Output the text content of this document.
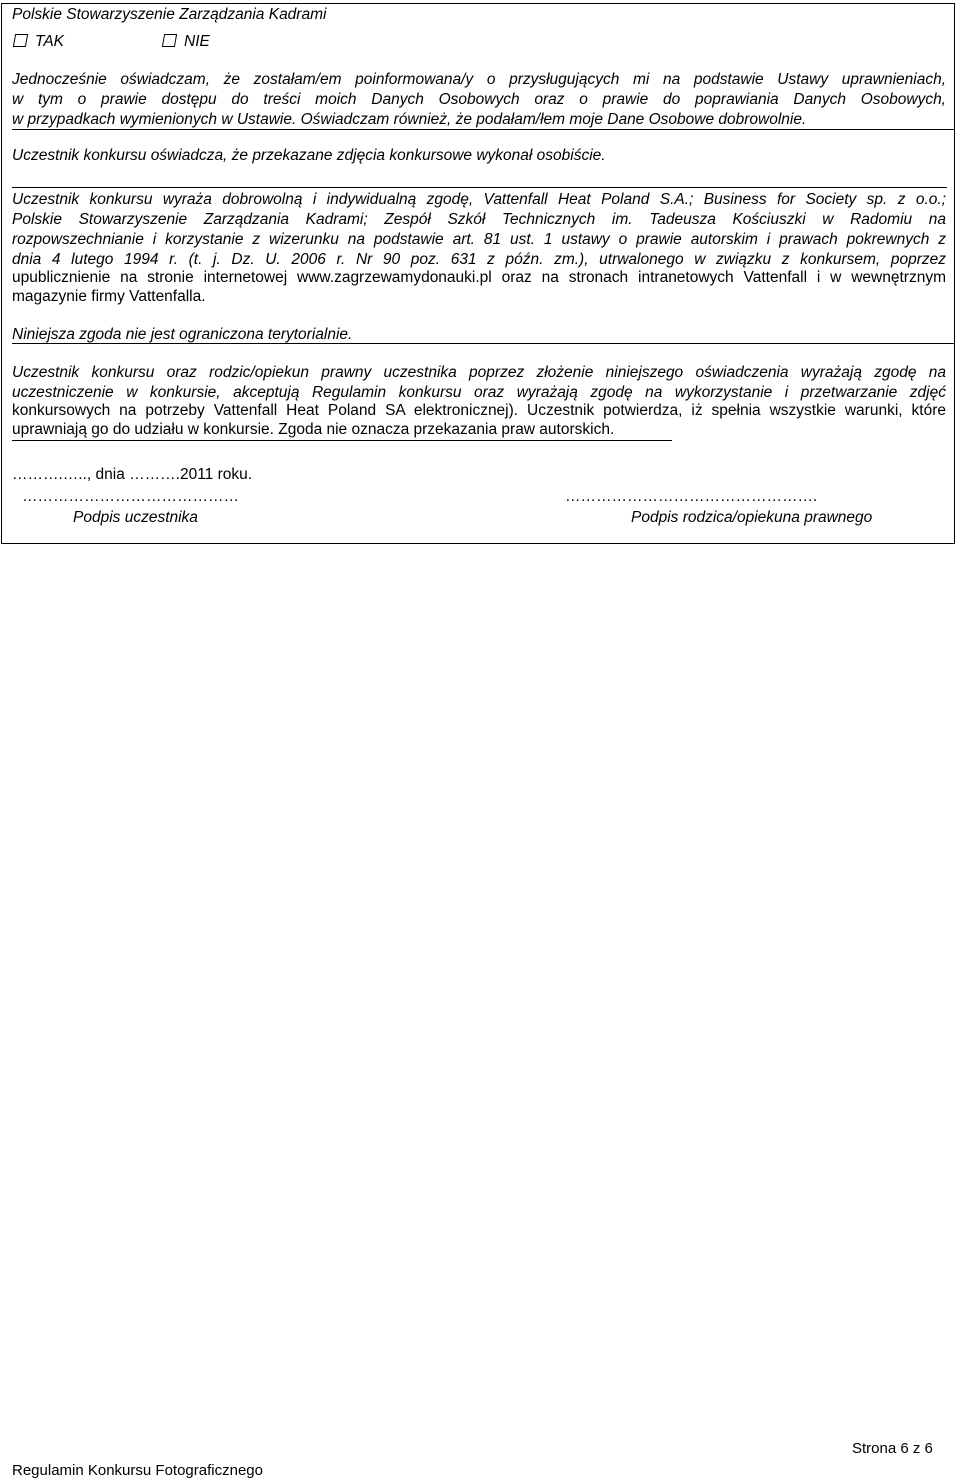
Polskie Stowarzyszenie Zarządzania Kadrami
TAK	NIE
Jednocześnie oświadczam, że zostałam/em poinformowana/y o przysługujących mi na podstawie Ustawy uprawnieniach,
w tym o prawie dostępu do treści moich Danych Osobowych oraz o prawie do poprawiania Danych Osobowych,
w przypadkach wymienionych w Ustawie. Oświadczam również, że podałam/łem moje Dane Osobowe dobrowolnie.
Uczestnik konkursu oświadcza, że przekazane zdjęcia konkursowe wykonał osobiście.
Uczestnik konkursu wyraża dobrowolną i indywidualną zgodę, Vattenfall Heat Poland S.A.; Business for Society sp. z o.o.;
Polskie Stowarzyszenie Zarządzania Kadrami; Zespół Szkół Technicznych im. Tadeusza Kościuszki w Radomiu na
rozpowszechnianie i korzystanie z wizerunku na podstawie art. 81 ust. 1 ustawy o prawie autorskim i prawach pokrewnych z
dnia 4 lutego 1994 r. (t. j. Dz. U. 2006 r. Nr 90 poz. 631 z późn. zm.), utrwalonego w związku z konkursem, poprzez
upublicznienie na stronie internetowej www.zagrzewamydonauki.pl oraz na stronach intranetowych Vattenfall i w wewnętrznym
magazynie firmy Vattenfalla.
Niniejsza zgoda nie jest ograniczona terytorialnie.
Uczestnik konkursu oraz rodzic/opiekun prawny uczestnika poprzez złożenie niniejszego oświadczenia wyrażają zgodę na
uczestniczenie w konkursie, akceptują Regulamin konkursu oraz wyrażają zgodę na wykorzystanie i przetwarzanie zdjęć
konkursowych na potrzeby Vattenfall Heat Poland SA elektronicznej). Uczestnik potwierdza, iż spełnia wszystkie warunki, które
uprawniają go do udziału w konkursie. Zgoda nie oznacza przekazania praw autorskich.
……….….., dnia ……….2011 roku.
……………………………………
Podpis uczestnika
………………………………………….
Podpis rodzica/opiekuna prawnego
Strona 6 z 6
Regulamin Konkursu Fotograficznego
